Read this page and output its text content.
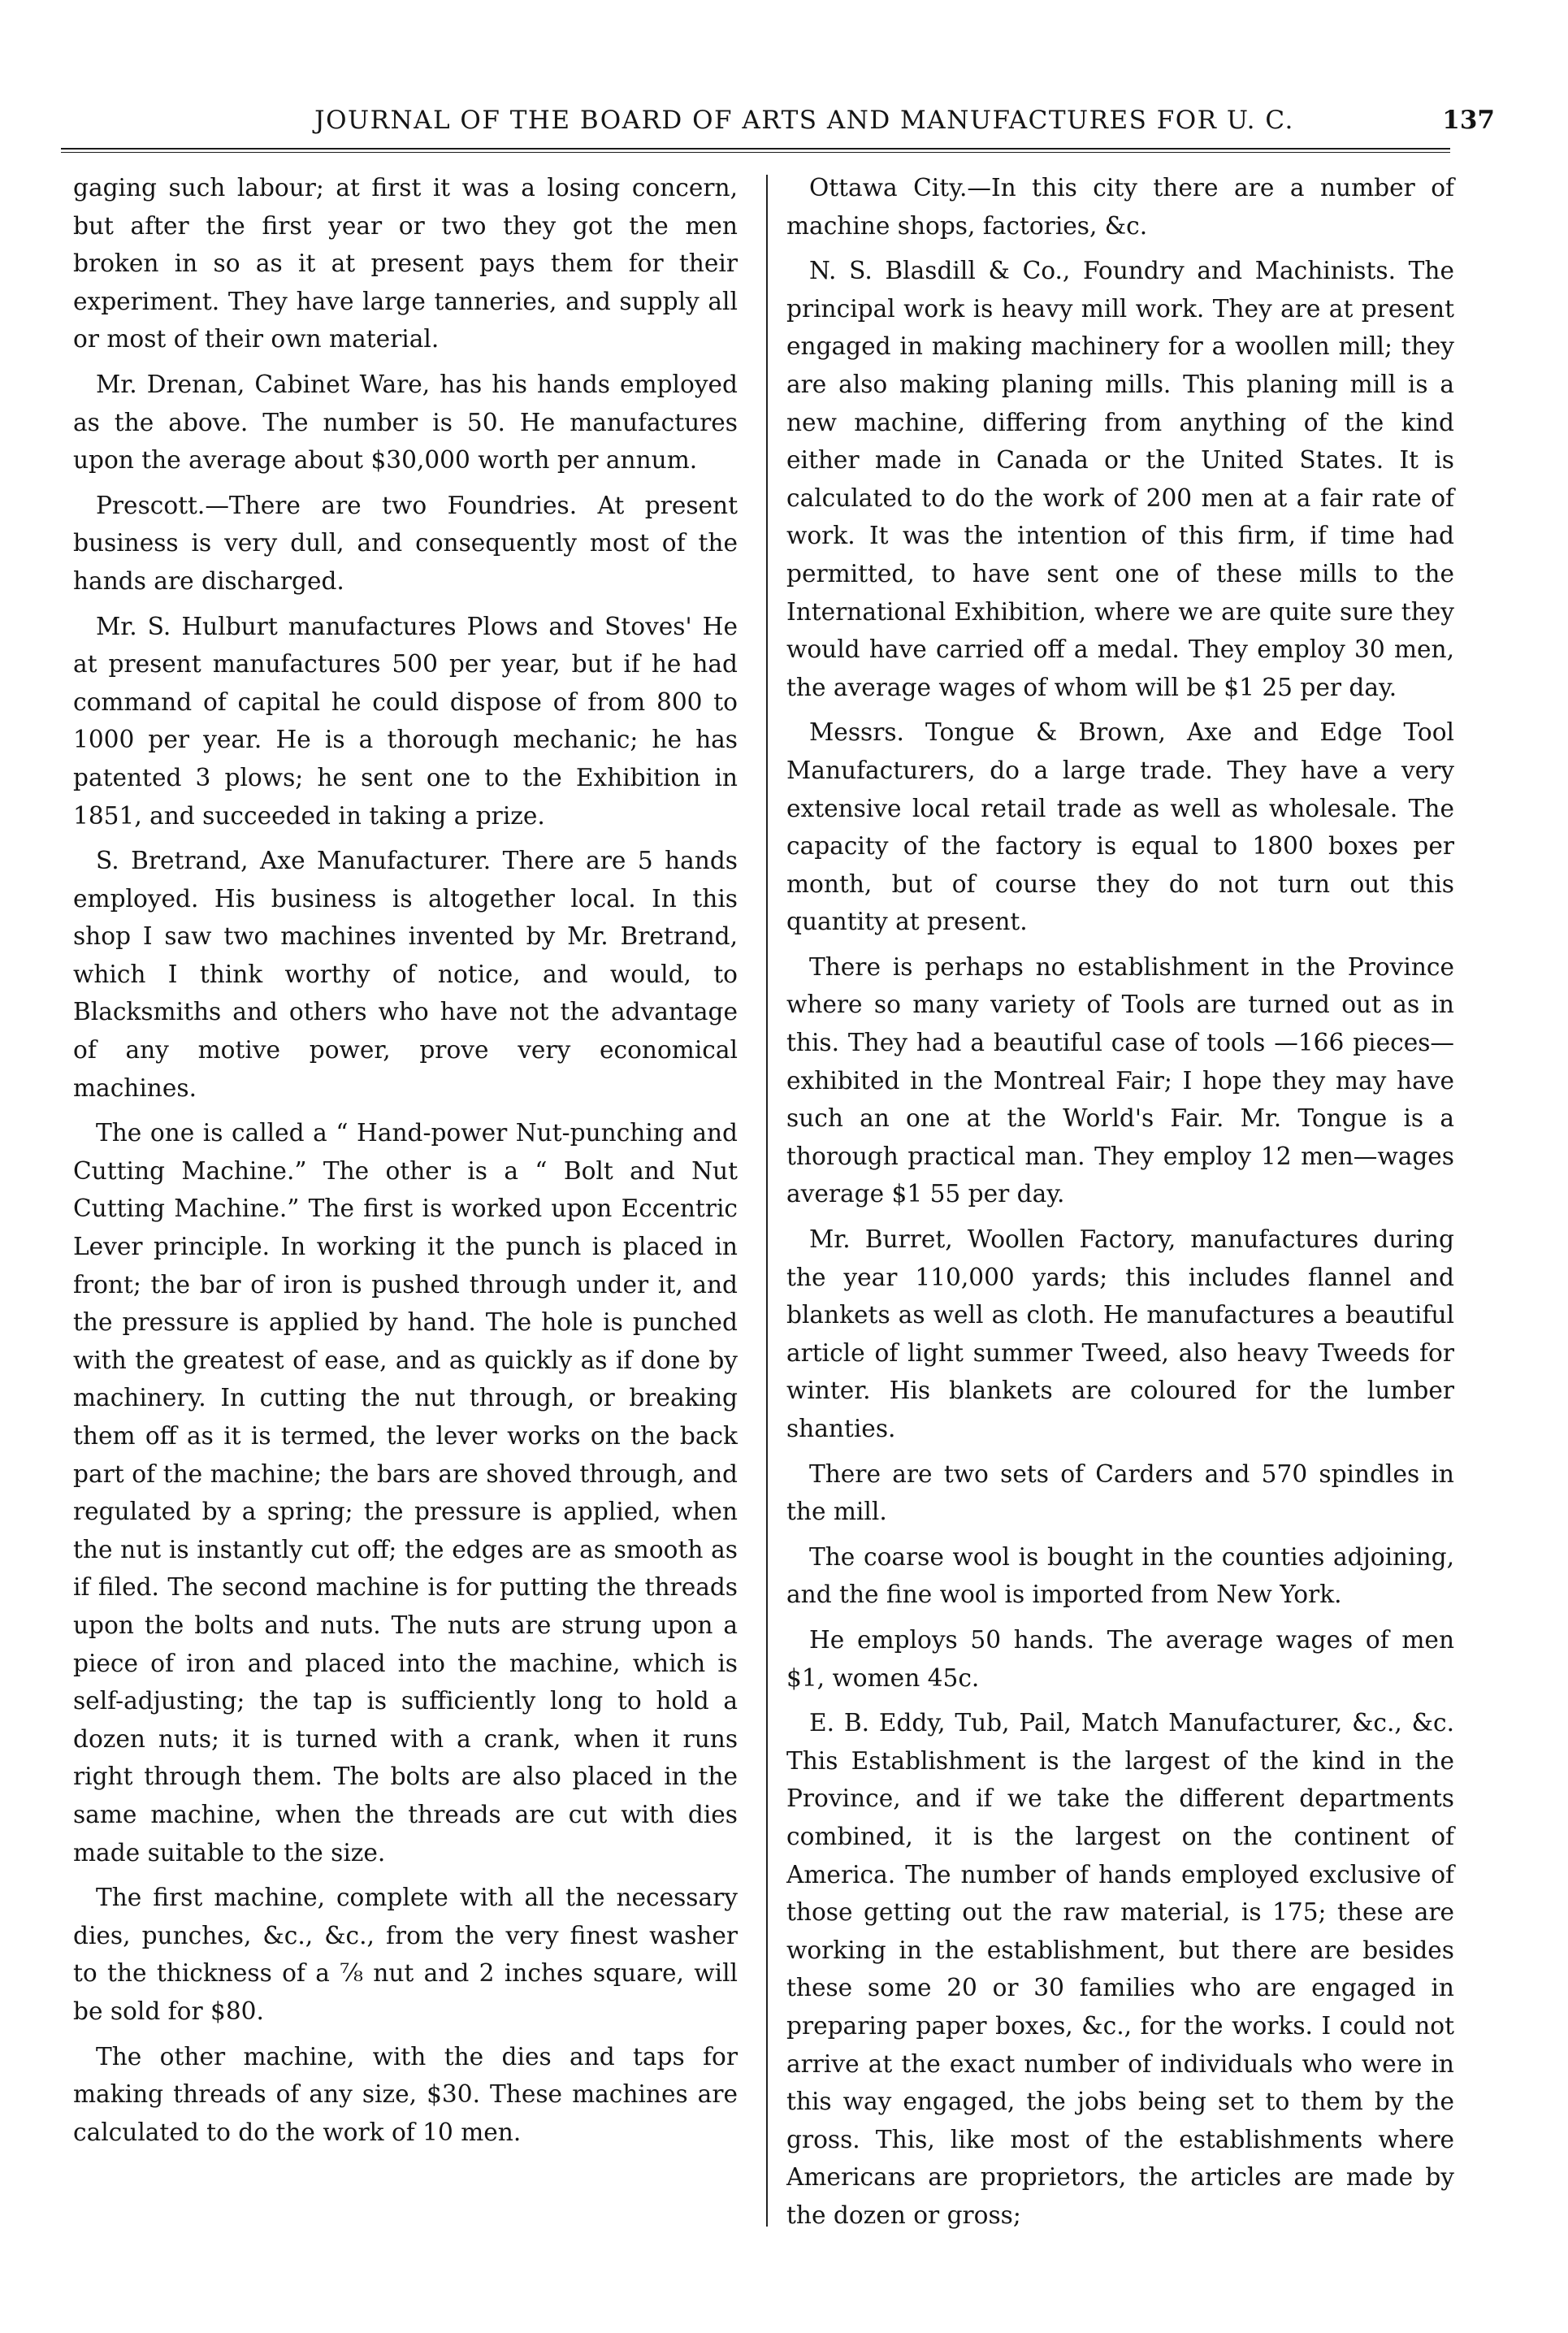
JOURNAL OF THE BOARD OF ARTS AND MANUFACTURES FOR U. C.	137

gaging such labour; at first it was a losing concern, but after the first year or two they got the men broken in so as it at present pays them for their experiment. They have large tanneries, and supply all or most of their own material.

Mr. Drenan, Cabinet Ware, has his hands employed as the above. The number is 50. He manufactures upon the average about $30,000 worth per annum.

Prescott.—There are two Foundries. At present business is very dull, and consequently most of the hands are discharged.

Mr. S. Hulburt manufactures Plows and Stoves' He at present manufactures 500 per year, but if he had command of capital he could dispose of from 800 to 1000 per year. He is a thorough mechanic; he has patented 3 plows; he sent one to the Exhibition in 1851, and succeeded in taking a prize.

S. Bretrand, Axe Manufacturer. There are 5 hands employed. His business is altogether local. In this shop I saw two machines invented by Mr. Bretrand, which I think worthy of notice, and would, to Blacksmiths and others who have not the advantage of any motive power, prove very economical machines.

The one is called a “ Hand-power Nut-punching and Cutting Machine.” The other is a “ Bolt and Nut Cutting Machine.” The first is worked upon Eccentric Lever principle. In working it the punch is placed in front; the bar of iron is pushed through under it, and the pressure is applied by hand. The hole is punched with the greatest of ease, and as quickly as if done by machinery. In cutting the nut through, or breaking them off as it is termed, the lever works on the back part of the machine; the bars are shoved through, and regulated by a spring; the pressure is applied, when the nut is instantly cut off; the edges are as smooth as if filed. The second machine is for putting the threads upon the bolts and nuts. The nuts are strung upon a piece of iron and placed into the machine, which is self-adjusting; the tap is sufficiently long to hold a dozen nuts; it is turned with a crank, when it runs right through them. The bolts are also placed in the same machine, when the threads are cut with dies made suitable to the size.

The first machine, complete with all the necessary dies, punches, &c., &c., from the very finest washer to the thickness of a ⅞ nut and 2 inches square, will be sold for $80.

The other machine, with the dies and taps for making threads of any size, $30. These machines are calculated to do the work of 10 men.

Ottawa City.—In this city there are a number of machine shops, factories, &c.

N. S. Blasdill & Co., Foundry and Machinists. The principal work is heavy mill work. They are at present engaged in making machinery for a woollen mill; they are also making planing mills. This planing mill is a new machine, differing from anything of the kind either made in Canada or the United States. It is calculated to do the work of 200 men at a fair rate of work. It was the intention of this firm, if time had permitted, to have sent one of these mills to the International Exhibition, where we are quite sure they would have carried off a medal. They employ 30 men, the average wages of whom will be $1 25 per day.

Messrs. Tongue & Brown, Axe and Edge Tool Manufacturers, do a large trade. They have a very extensive local retail trade as well as wholesale. The capacity of the factory is equal to 1800 boxes per month, but of course they do not turn out this quantity at present.

There is perhaps no establishment in the Province where so many variety of Tools are turned out as in this. They had a beautiful case of tools —166 pieces—exhibited in the Montreal Fair; I hope they may have such an one at the World's Fair. Mr. Tongue is a thorough practical man. They employ 12 men—wages average $1 55 per day.

Mr. Burret, Woollen Factory, manufactures during the year 110,000 yards; this includes flannel and blankets as well as cloth. He manufactures a beautiful article of light summer Tweed, also heavy Tweeds for winter. His blankets are coloured for the lumber shanties.

There are two sets of Carders and 570 spindles in the mill.

The coarse wool is bought in the counties adjoining, and the fine wool is imported from New York.

He employs 50 hands. The average wages of men $1, women 45c.

E. B. Eddy, Tub, Pail, Match Manufacturer, &c., &c. This Establishment is the largest of the kind in the Province, and if we take the different departments combined, it is the largest on the continent of America. The number of hands employed exclusive of those getting out the raw material, is 175; these are working in the establishment, but there are besides these some 20 or 30 families who are engaged in preparing paper boxes, &c., for the works. I could not arrive at the exact number of individuals who were in this way engaged, the jobs being set to them by the gross. This, like most of the establishments where Americans are proprietors, the articles are made by the dozen or gross;
